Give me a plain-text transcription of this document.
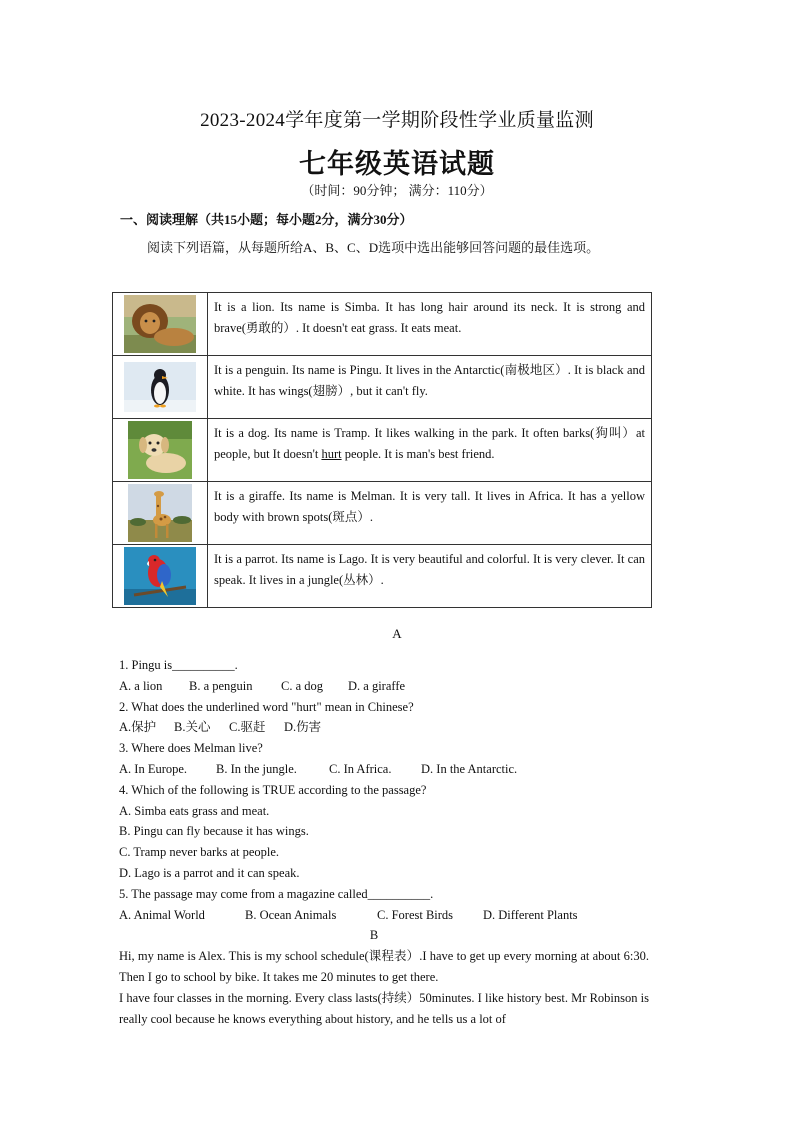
2023-2024学年度第一学期阶段性学业质量监测
七年级英语试题
（时间：90分钟； 满分：110分）
一、阅读理解（共15小题；每小题2分，满分30分）
阅读下列语篇，从每题所给A、B、C、D选项中选出能够回答问题的最佳选项。
	It is a lion. Its name is Simba. It has long hair around its neck. It is strong and brave(勇敢的）. It doesn't eat grass. It eats meat.

	It is a penguin. Its name is Pingu. It lives in the Antarctic(南极地区）. It is black and white. It has wings(翅膀）, but it can't fly.

	It is a dog. Its name is Tramp. It likes walking in the park. It often barks(狗叫）at people, but It doesn't hurt people. It is man's best friend.

	It is a giraffe. Its name is Melman. It is very tall. It lives in Africa. It has a yellow body with brown spots(斑点）.

	It is a parrot. Its name is Lago. It is very beautiful and colorful. It is very clever. It can speak. It lives in a jungle(丛林）.
A
1. Pingu is__________.
A. a lion B. a penguin C. a dog D. a giraffe
2. What does the underlined word "hurt" mean in Chinese?
A.保护 B.关心 C.驱赶 D.伤害
3. Where does Melman live?
A. In Europe. B. In the jungle.	C. In Africa. D. In the Antarctic.
4. Which of the following is TRUE according to the passage?
A. Simba eats grass and meat.
B. Pingu can fly because it has wings.
C. Tramp never barks at people.
D. Lago is a parrot and it can speak.
5. The passage may come from a magazine called__________.
A. Animal World	B. Ocean Animals	C. Forest Birds D. Different Plants
B
Hi, my name is Alex. This is my school schedule(课程表）.I have to get up every morning at about 6:30. Then I go to school by bike. It takes me 20 minutes to get there.
I have four classes in the morning. Every class lasts(持续）50minutes. I like history best. Mr Robinson is really cool because he knows everything about history, and he tells us a lot of
